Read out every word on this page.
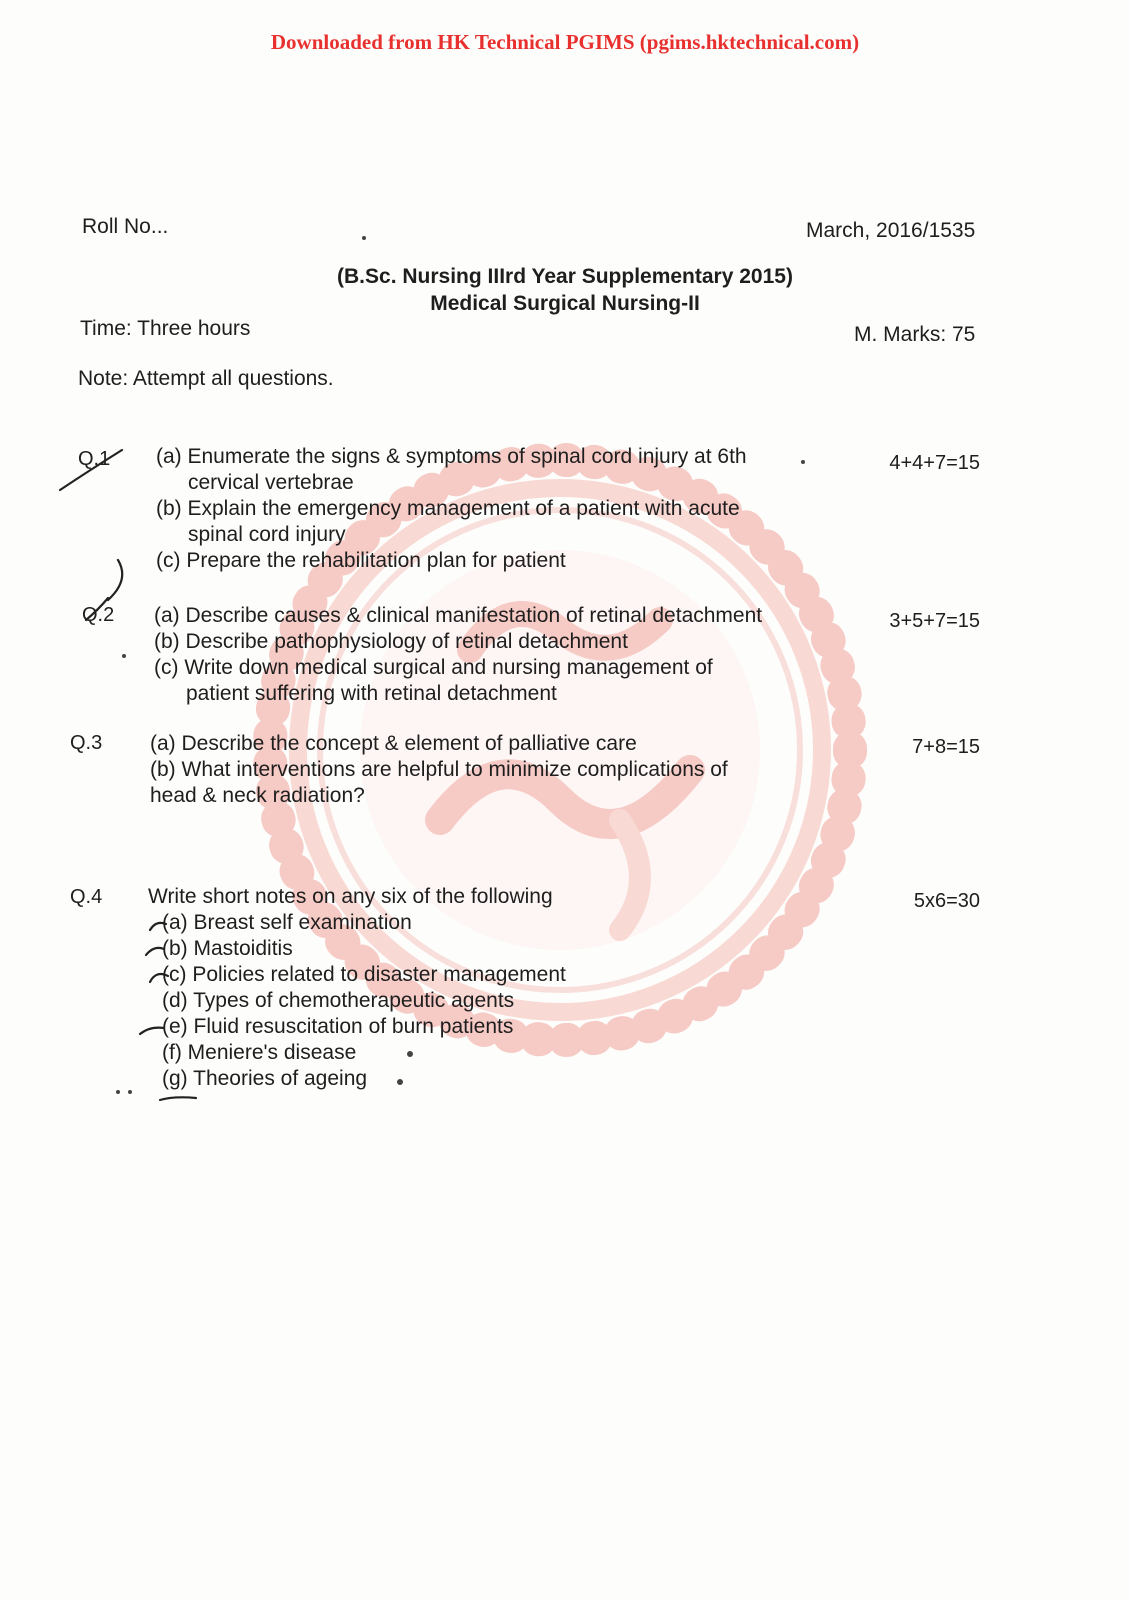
Downloaded from HK Technical PGIMS (pgims.hktechnical.com)
Roll No...	March, 2016/1535
(B.Sc. Nursing IIIrd Year Supplementary 2015)
Medical Surgical Nursing-II
Time: Three hours	M. Marks: 75
Note: Attempt all questions.
Q.1	4+4+7=15
(a) Enumerate the signs & symptoms of spinal cord injury at 6th
cervical vertebrae
(b) Explain the emergency management of a patient with acute
spinal cord injury
(c) Prepare the rehabilitation plan for patient
Q.2	3+5+7=15
(a) Describe causes & clinical manifestation of retinal detachment
(b) Describe pathophysiology of retinal detachment
(c) Write down medical surgical and nursing management of
patient suffering with retinal detachment
Q.3	7+8=15
(a) Describe the concept & element of palliative care
(b) What interventions are helpful to minimize complications of
head & neck radiation?
Q.4	5x6=30
Write short notes on any six of the following
(a) Breast self examination
(b) Mastoiditis
(c) Policies related to disaster management
(d) Types of chemotherapeutic agents
(e) Fluid resuscitation of burn patients
(f) Meniere's disease
(g) Theories of ageing
